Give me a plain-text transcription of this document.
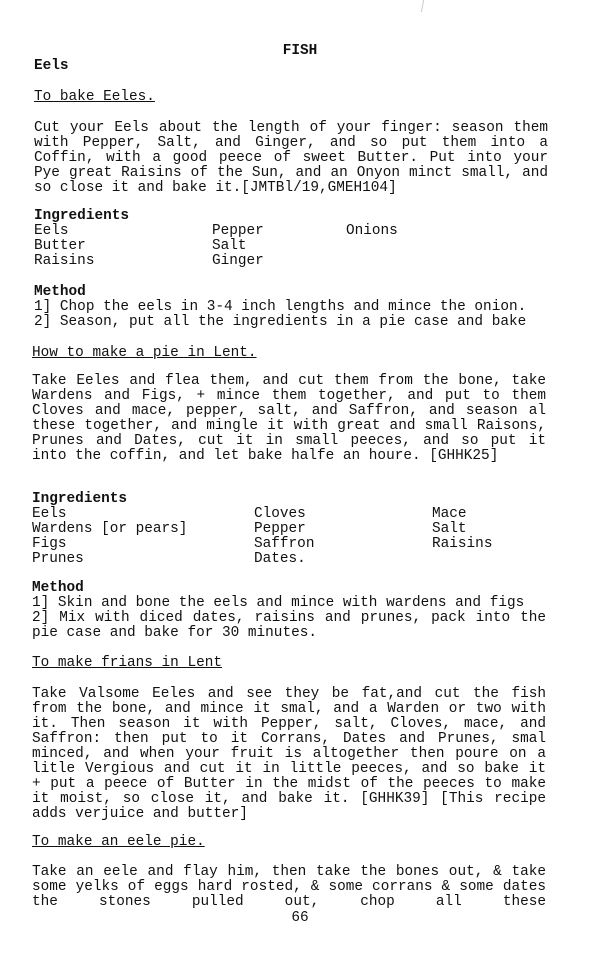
FISH
Eels
To bake Eeles.
Cut your Eels about the length of your finger: season them with Pepper, Salt, and Ginger, and so put them into a Coffin, with a good peece of sweet Butter. Put into your Pye great Raisins of the Sun, and an Onyon minct small, and so close it and bake it.[JMTBl/19,GMEH104]
Ingredients
Eels	Pepper	Onions
Butter	Salt
Raisins	Ginger
Method
1] Chop the eels in 3-4 inch lengths and mince the onion.
2] Season, put all the ingredients in a pie case and bake
How to make a pie in Lent.
Take Eeles and flea them, and cut them from the bone, take Wardens and Figs, + mince them together, and put to them Cloves and mace, pepper, salt, and Saffron, and season al these together, and mingle it with great and small Raisons, Prunes and Dates, cut it in small peeces, and so put it into the coffin, and let bake halfe an houre. [GHHK25]
Ingredients
Eels	Cloves	Mace
Wardens [or pears]	Pepper	Salt
Figs	Saffron	Raisins
Prunes	Dates.
Method
1] Skin and bone the eels and mince with wardens and figs
2] Mix with diced dates, raisins and prunes, pack into the pie case and bake for 30 minutes.
To make frians in Lent
Take Valsome Eeles and see they be fat,and cut the fish from the bone, and mince it smal, and a Warden or two with it. Then season it with Pepper, salt, Cloves, mace, and Saffron: then put to it Corrans, Dates and Prunes, smal minced, and when your fruit is altogether then poure on a litle Vergious and cut it in little peeces, and so bake it + put a peece of Butter in the midst of the peeces to make it moist, so close it, and bake it. [GHHK39] [This recipe adds verjuice and butter]
To make an eele pie.
Take an eele and flay him, then take the bones out, & take some yelks of eggs hard rosted, & some corrans & some dates the stones pulled out, chop all these
66
